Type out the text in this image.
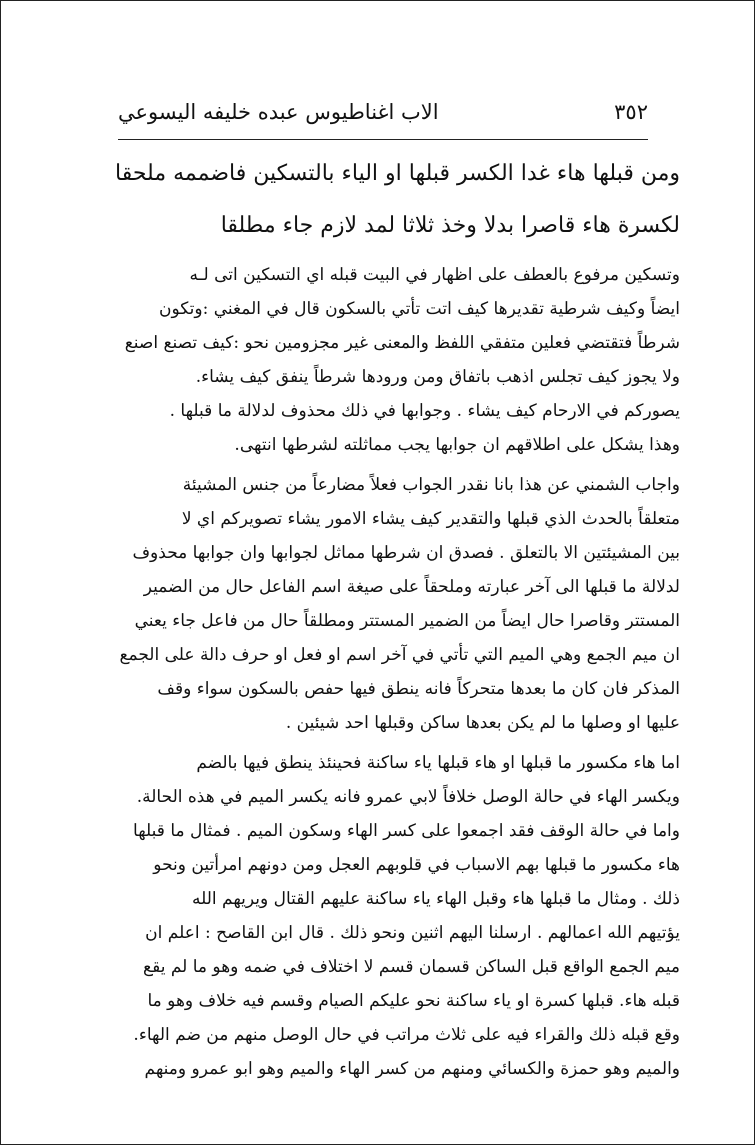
٣٥٢
الاب اغناطيوس عبده خليفه اليسوعي
ومن قبلها هاء غدا الكسر قبلها او الياء بالتسكين فاضممه ملحقا
لكسرة هاء قاصرا بدلا وخذ ثلاثا لمد لازم جاء مطلقا
وتسكين مرفوع بالعطف على اظهار في البيت قبله اي التسكين اتى لـه
ايضاً وكيف شرطية تقديرها كيف اتت تأتي بالسكون قال في المغني :وتكون
شرطاً فتقتضي فعلين متفقي اللفظ والمعنى غير مجزومين نحو :كيف تصنع اصنع
ولا يجوز كيف تجلس اذهب باتفاق ومن ورودها شرطاً ينفق كيف يشاء.
يصوركم في الارحام كيف يشاء . وجوابها في ذلك محذوف لدلالة ما قبلها .
وهذا يشكل على اطلاقهم ان جوابها يجب مماثلته لشرطها انتهى.
واجاب الشمني عن هذا بانا نقدر الجواب فعلاً مضارعاً من جنس المشيئة
متعلقاً بالحدث الذي قبلها والتقدير كيف يشاء الامور يشاء تصويركم اي لا
بين المشيئتين الا بالتعلق . فصدق ان شرطها مماثل لجوابها وان جوابها محذوف
لدلالة ما قبلها الى آخر عبارته وملحقاً على صيغة اسم الفاعل حال من الضمير
المستتر وقاصرا حال ايضاً من الضمير المستتر ومطلقاً حال من فاعل جاء يعني
ان ميم الجمع وهي الميم التي تأتي في آخر اسم او فعل او حرف دالة على الجمع
المذكر فان كان ما بعدها متحركاً فانه ينطق فيها حفص بالسكون سواء وقف
عليها او وصلها ما لم يكن بعدها ساكن وقبلها احد شيئين .
اما هاء مكسور ما قبلها او هاء قبلها ياء ساكنة فحينئذ ينطق فيها بالضم
ويكسر الهاء في حالة الوصل خلافاً لابي عمرو فانه يكسر الميم في هذه الحالة.
واما في حالة الوقف فقد اجمعوا على كسر الهاء وسكون الميم . فمثال ما قبلها
هاء مكسور ما قبلها بهم الاسباب في قلوبهم العجل ومن دونهم امرأتين ونحو
ذلك . ومثال ما قبلها هاء وقبل الهاء ياء ساكنة عليهم القتال ويريهم الله
يؤتيهم الله اعمالهم . ارسلنا اليهم اثنين ونحو ذلك . قال ابن القاصح : اعلم ان
ميم الجمع الواقع قبل الساكن قسمان قسم لا اختلاف في ضمه وهو ما لم يقع
قبله هاء. قبلها كسرة او ياء ساكنة نحو عليكم الصيام وقسم فيه خلاف وهو ما
وقع قبله ذلك والقراء فيه على ثلاث مراتب في حال الوصل منهم من ضم الهاء.
والميم وهو حمزة والكسائي ومنهم من كسر الهاء والميم وهو ابو عمرو ومنهم
